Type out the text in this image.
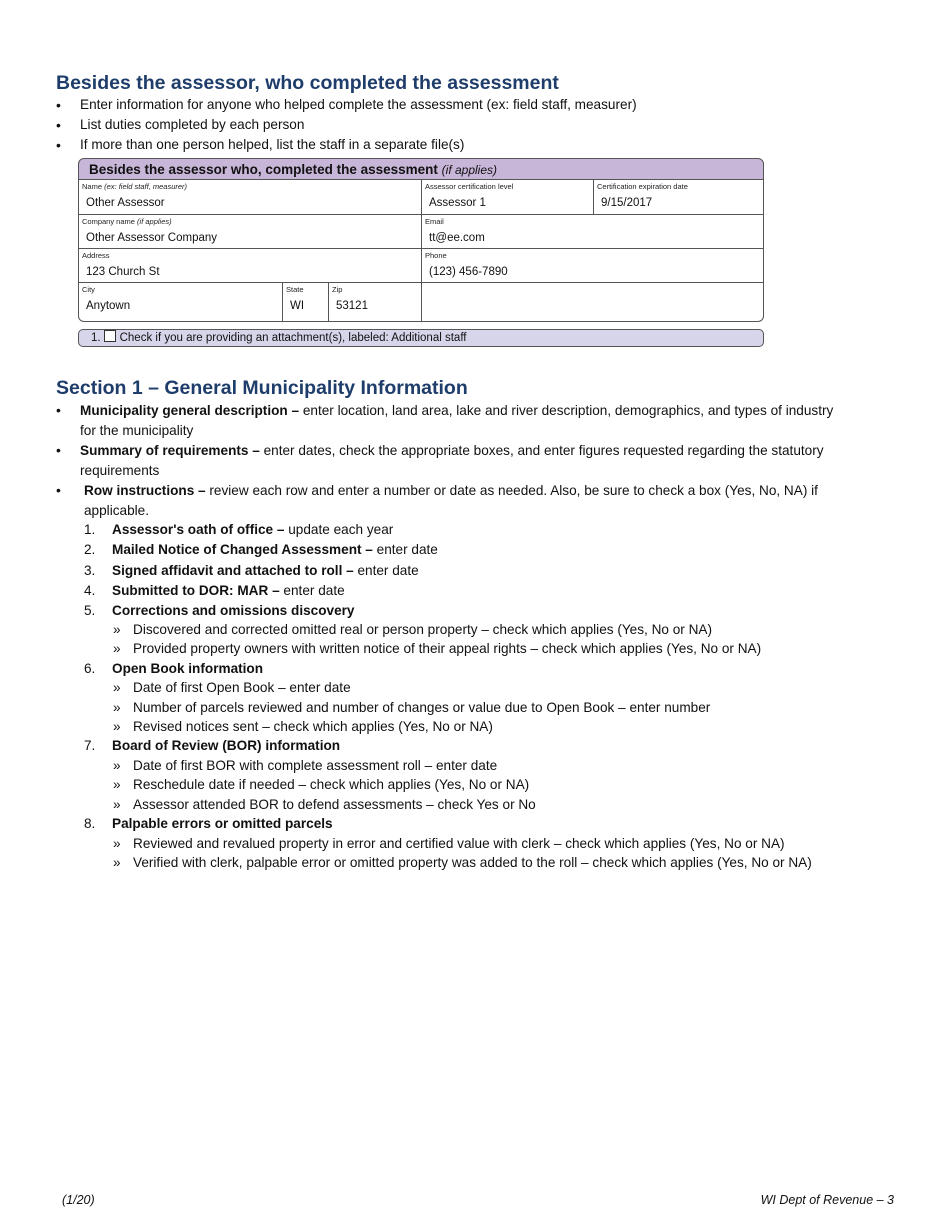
Besides the assessor, who completed the assessment
• Enter information for anyone who helped complete the assessment (ex: field staff, measurer)
• List duties completed by each person
• If more than one person helped, list the staff in a separate file(s)
Besides the assessor who, completed the assessment (if applies)
Name (ex: field staff, measurer)
Other Assessor
Assessor certification level
Assessor 1
Certification expiration date
9/15/2017
Company name (if applies)
Other Assessor Company
Email
tt@ee.com
Address
123 Church St
Phone
(123) 456-7890
City
Anytown
State
WI
Zip
53121
1. Check if you are providing an attachment(s), labeled: Additional staff
Section 1 – General Municipality Information
• Municipality general description – enter location, land area, lake and river description, demographics, and types of industry for the municipality
• Summary of requirements – enter dates, check the appropriate boxes, and enter figures requested regarding the statutory requirements
• Row instructions – review each row and enter a number or date as needed. Also, be sure to check a box (Yes, No, NA) if applicable.
1. Assessor's oath of office – update each year
2. Mailed Notice of Changed Assessment – enter date
3. Signed affidavit and attached to roll – enter date
4. Submitted to DOR: MAR – enter date
5. Corrections and omissions discovery
» Discovered and corrected omitted real or person property – check which applies (Yes, No or NA)
» Provided property owners with written notice of their appeal rights – check which applies (Yes, No or NA)
6. Open Book information
» Date of first Open Book – enter date
» Number of parcels reviewed and number of changes or value due to Open Book – enter number
» Revised notices sent – check which applies (Yes, No or NA)
7. Board of Review (BOR) information
» Date of first BOR with complete assessment roll – enter date
» Reschedule date if needed – check which applies (Yes, No or NA)
» Assessor attended BOR to defend assessments – check Yes or No
8. Palpable errors or omitted parcels
» Reviewed and revalued property in error and certified value with clerk – check which applies (Yes, No or NA)
» Verified with clerk, palpable error or omitted property was added to the roll – check which applies (Yes, No or NA)
(1/20)	WI Dept of Revenue – 3
